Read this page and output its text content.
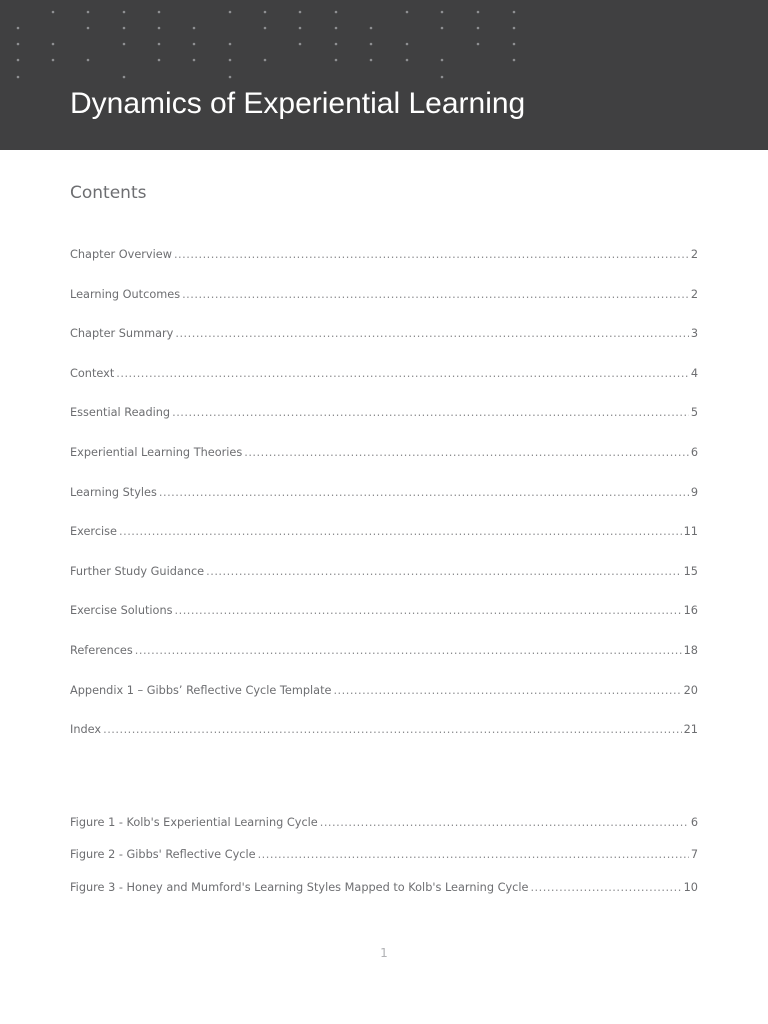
Dynamics of Experiential Learning
Contents
Chapter Overview .....	2
Learning Outcomes .....	2
Chapter Summary .....	3
Context .....	4
Essential Reading .....	5
Experiential Learning Theories .....	6
Learning Styles .....	9
Exercise .....	11
Further Study Guidance .....	15
Exercise Solutions .....	16
References .....	18
Appendix 1 – Gibbs’ Reflective Cycle Template .....	20
Index .....	21
Figure 1 - Kolb's Experiential Learning Cycle .....	6
Figure 2 - Gibbs' Reflective Cycle .....	7
Figure 3 - Honey and Mumford's Learning Styles Mapped to Kolb's Learning Cycle .....	10
1
